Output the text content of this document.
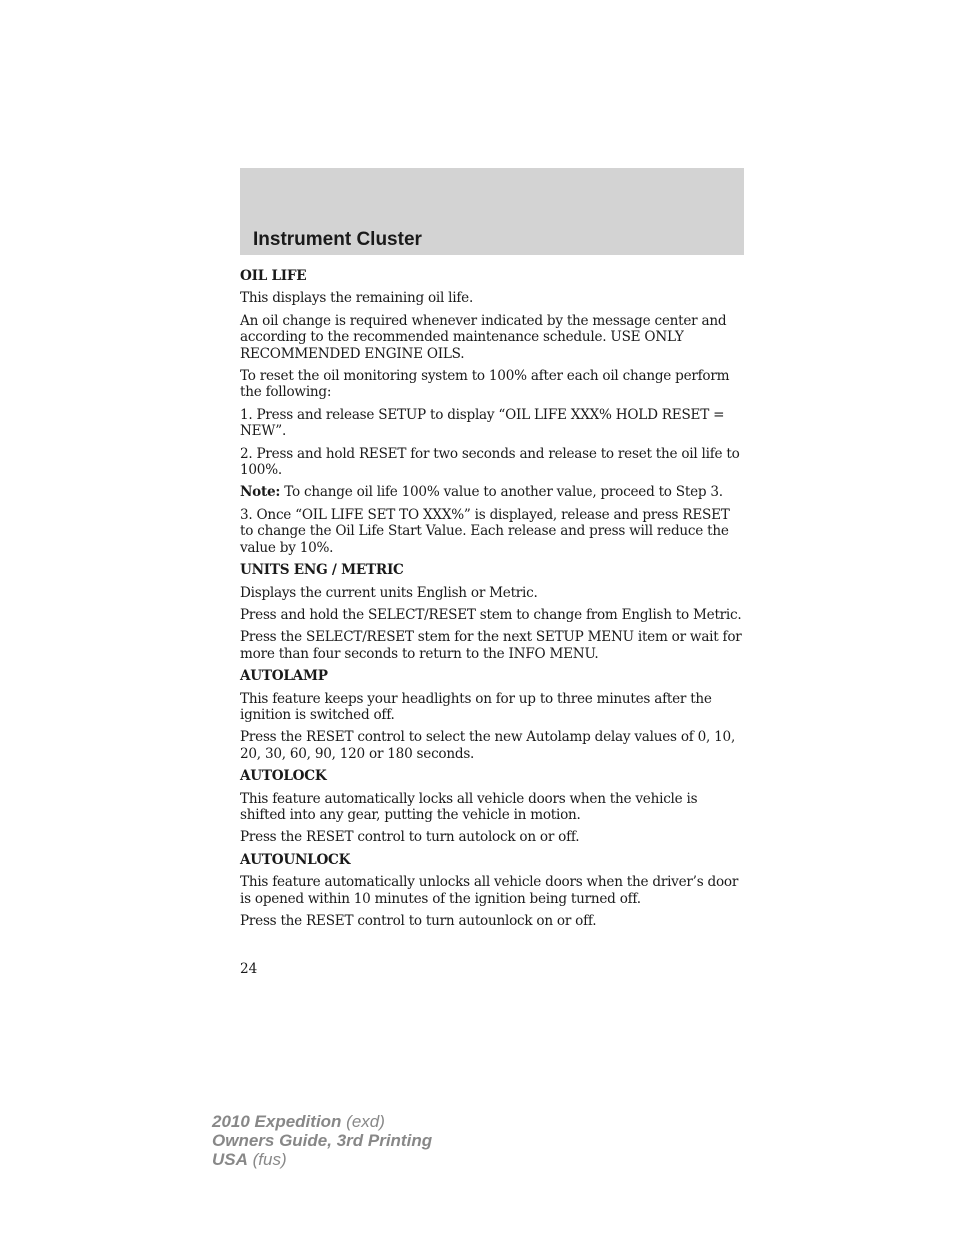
Instrument Cluster
OIL LIFE

This displays the remaining oil life.

An oil change is required whenever indicated by the message center and according to the recommended maintenance schedule. USE ONLY RECOMMENDED ENGINE OILS.

To reset the oil monitoring system to 100% after each oil change perform the following:

1. Press and release SETUP to display “OIL LIFE XXX% HOLD RESET = NEW”.

2. Press and hold RESET for two seconds and release to reset the oil life to 100%.

Note: To change oil life 100% value to another value, proceed to Step 3.

3. Once “OIL LIFE SET TO XXX%” is displayed, release and press RESET to change the Oil Life Start Value. Each release and press will reduce the value by 10%.

UNITS ENG / METRIC

Displays the current units English or Metric.

Press and hold the SELECT/RESET stem to change from English to Metric.

Press the SELECT/RESET stem for the next SETUP MENU item or wait for more than four seconds to return to the INFO MENU.

AUTOLAMP

This feature keeps your headlights on for up to three minutes after the ignition is switched off.

Press the RESET control to select the new Autolamp delay values of 0, 10, 20, 30, 60, 90, 120 or 180 seconds.

AUTOLOCK

This feature automatically locks all vehicle doors when the vehicle is shifted into any gear, putting the vehicle in motion.

Press the RESET control to turn autolock on or off.

AUTOUNLOCK

This feature automatically unlocks all vehicle doors when the driver’s door is opened within 10 minutes of the ignition being turned off.

Press the RESET control to turn autounlock on or off.

24
2010 Expedition (exd)
Owners Guide, 3rd Printing
USA (fus)
